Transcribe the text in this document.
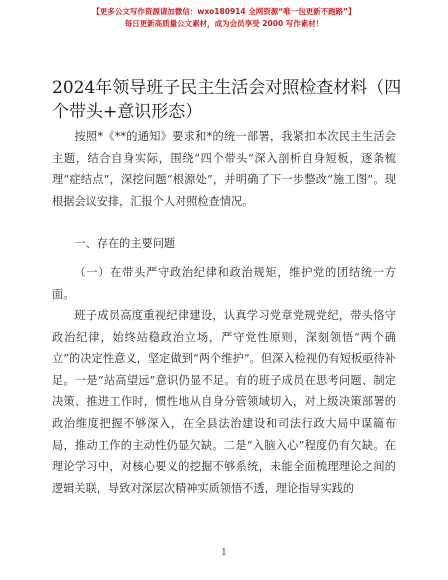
【更多公文写作资源请加微信：wxo180914 全网资源“唯一包更新不跑路”】
每日更新高质量公文素材，成为会员享受 2000 写作素材！
2024年领导班子民主生活会对照检查材料（四个带头+意识形态）

按照*《**的通知》要求和*的统一部署，我紧扣本次民主生活会主题，结合自身实际，围绕“四个带头”深入剖析自身短板，逐条梳理“症结点”，深挖问题“根源处”，并明确了下一步整改“施工图”。现根据会议安排，汇报个人对照检查情况。

一、存在的主要问题

（一）在带头严守政治纪律和政治规矩，维护党的团结统一方面。

班子成员高度重视纪律建设，认真学习党章党规党纪，带头恪守政治纪律，始终站稳政治立场，严守党性原则，深刻领悟“两个确立”的决定性意义，坚定做到“两个维护”。但深入检视仍有短板亟待补足。一是“站高望远”意识仍显不足。有的班子成员在思考问题、制定决策、推进工作时，惯性地从自身分管领域切入，对上级决策部署的政治维度把握不够深入，在全县法治建设和司法行政大局中谋篇布局，推动工作的主动性仍显欠缺。二是“入脑入心”程度仍有欠缺。在理论学习中，对核心要义的挖掘不够系统，未能全面梳理理论之间的逻辑关联，导致对深层次精神实质领悟不透，理论指导实践的

1
